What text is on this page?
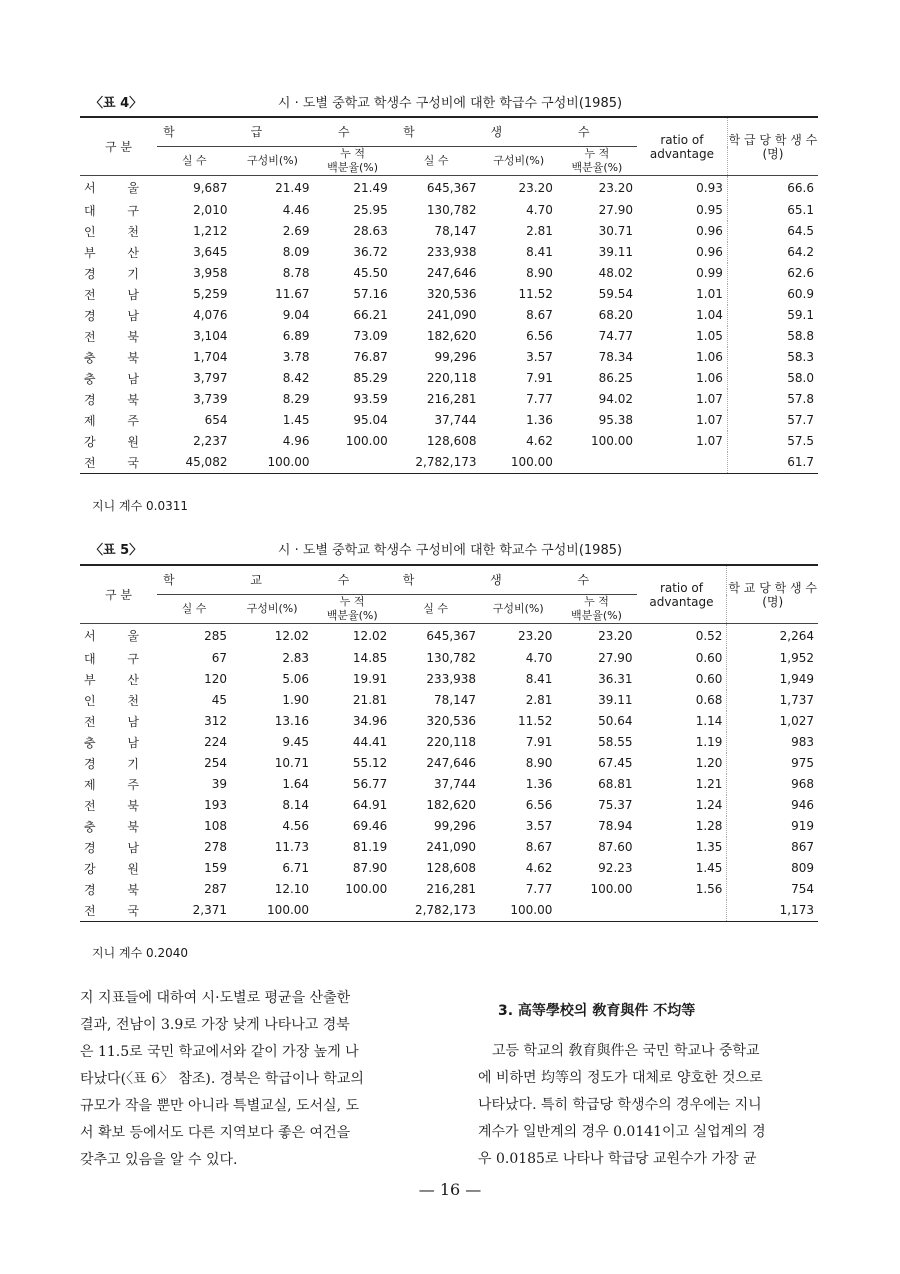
〈표 4〉	시 · 도별 중학교 학생수 구성비에 대한 학급수 구성비(1985)
구 분	학 급 수			학 생 수			ratio of advantage	학 급 당 학 생 수 (명)
	실 수	구성비(%)	누 적
백분율(%)	실 수	구성비(%)	누 적
백분율(%)		
서 울	9,687	21.49	21.49	645,367	23.20	23.20	0.93	66.6
대 구	2,010	4.46	25.95	130,782	4.70	27.90	0.95	65.1
인 천	1,212	2.69	28.63	78,147	2.81	30.71	0.96	64.5
부 산	3,645	8.09	36.72	233,938	8.41	39.11	0.96	64.2
경 기	3,958	8.78	45.50	247,646	8.90	48.02	0.99	62.6
전 남	5,259	11.67	57.16	320,536	11.52	59.54	1.01	60.9
경 남	4,076	9.04	66.21	241,090	8.67	68.20	1.04	59.1
전 북	3,104	6.89	73.09	182,620	6.56	74.77	1.05	58.8
충 북	1,704	3.78	76.87	99,296	3.57	78.34	1.06	58.3
충 남	3,797	8.42	85.29	220,118	7.91	86.25	1.06	58.0
경 북	3,739	8.29	93.59	216,281	7.77	94.02	1.07	57.8
제 주	654	1.45	95.04	37,744	1.36	95.38	1.07	57.7
강 원	2,237	4.96	100.00	128,608	4.62	100.00	1.07	57.5
전 국	45,082	100.00		2,782,173	100.00			61.7
지니 계수 0.0311
〈표 5〉	시 · 도별 중학교 학생수 구성비에 대한 학교수 구성비(1985)
구 분	학 교 수			학 생 수			ratio of advantage	학 교 당 학 생 수 (명)
	실 수	구성비(%)	누 적
백분율(%)	실 수	구성비(%)	누 적
백분율(%)		
서 울	285	12.02	12.02	645,367	23.20	23.20	0.52	2,264
대 구	67	2.83	14.85	130,782	4.70	27.90	0.60	1,952
부 산	120	5.06	19.91	233,938	8.41	36.31	0.60	1,949
인 천	45	1.90	21.81	78,147	2.81	39.11	0.68	1,737
전 남	312	13.16	34.96	320,536	11.52	50.64	1.14	1,027
충 남	224	9.45	44.41	220,118	7.91	58.55	1.19	983
경 기	254	10.71	55.12	247,646	8.90	67.45	1.20	975
제 주	39	1.64	56.77	37,744	1.36	68.81	1.21	968
전 북	193	8.14	64.91	182,620	6.56	75.37	1.24	946
충 북	108	4.56	69.46	99,296	3.57	78.94	1.28	919
경 남	278	11.73	81.19	241,090	8.67	87.60	1.35	867
강 원	159	6.71	87.90	128,608	4.62	92.23	1.45	809
경 북	287	12.10	100.00	216,281	7.77	100.00	1.56	754
전 국	2,371	100.00		2,782,173	100.00			1,173
지니 계수 0.2040
지 지표들에 대하여 시·도별로 평균을 산출한
결과, 전남이 3.9로 가장 낮게 나타나고 경북
은 11.5로 국민 학교에서와 같이 가장 높게 나
타났다(〈표 6〉 참조). 경북은 학급이나 학교의
규모가 작을 뿐만 아니라 특별교실, 도서실, 도
서 확보 등에서도 다른 지역보다 좋은 여건을
갖추고 있음을 알 수 있다.
3. 高等學校의 敎育與件 不均等
고등 학교의 敎育與件은 국민 학교나 중학교
에 비하면 均等의 정도가 대체로 양호한 것으로
나타났다. 특히 학급당 학생수의 경우에는 지니
계수가 일반계의 경우 0.0141이고 실업계의 경
우 0.0185로 나타나 학급당 교원수가 가장 균
— 16 —
